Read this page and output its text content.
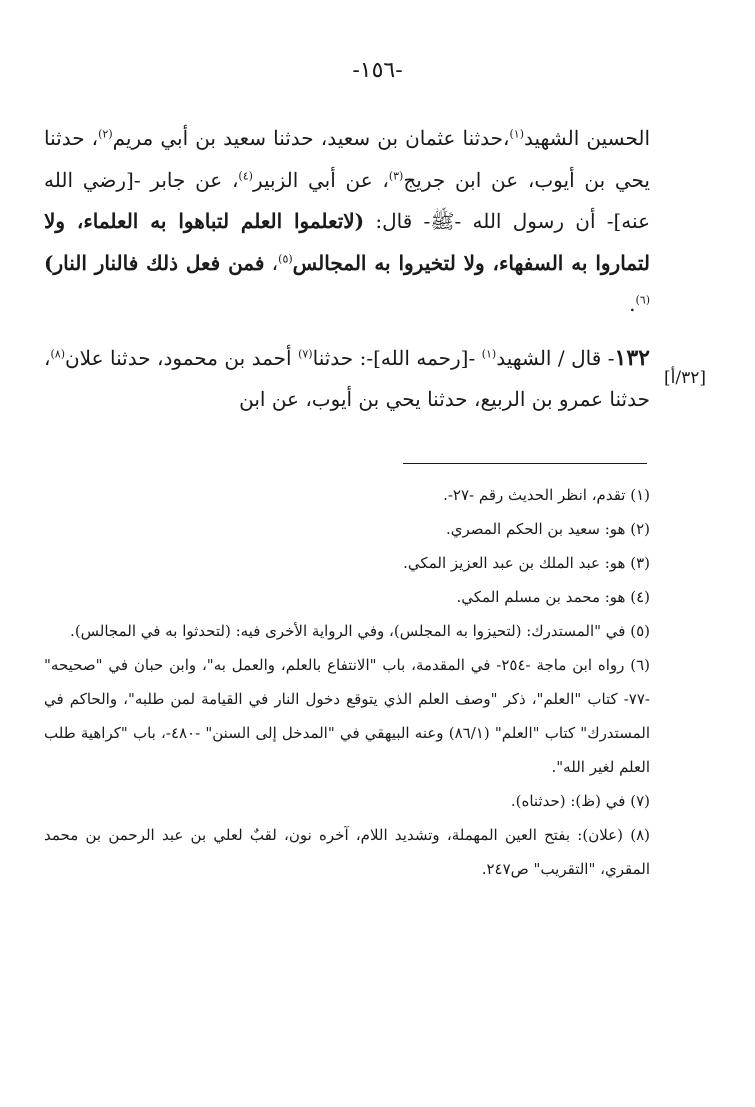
-١٥٦-

الحسين الشهيد$^{(١)}$،حدثنا عثمان بن سعيد، حدثنا سعيد بن أبي مريم$^{(٢)}$، حدثنا يحي بن أيوب، عن ابن جريج$^{(٣)}$، عن أبي الزبير$^{(٤)}$، عن جابر -[رضي الله عنه]- أن رسول الله -ﷺ- قال: (لاتعلموا العلم لتباهوا به العلماء، ولا لتماروا به السفهاء، ولا لتخيروا به المجالس$^{(٥)}$، فمن فعل ذلك فالنار النار)$^{(٦)}$.

١٣٢- قال / الشهيد$^{(١)}$ -[رحمه الله]-: حدثنا$^{(٧)}$ أحمد بن محمود، حدثنا علان$^{(٨)}$، حدثنا عمرو بن الربيع، حدثنا يحي بن أيوب، عن ابن

[٣٢/أ]

(١) تقدم، انظر الحديث رقم -٢٧-.

(٢) هو: سعيد بن الحكم المصري.

(٣) هو: عبد الملك بن عبد العزيز المكي.

(٤) هو: محمد بن مسلم المكي.

(٥) في "المستدرك: (لتحيزوا به المجلس)، وفي الرواية الأخرى فيه: (لتحدثوا به في المجالس).

(٦) رواه ابن ماجة -٢٥٤- في المقدمة، باب "الانتفاع بالعلم، والعمل به"، وابن حبان في "صحيحه" -٧٧- كتاب "العلم"، ذكر "وصف العلم الذي يتوقع دخول النار في القيامة لمن طلبه"، والحاكم في المستدرك" كتاب "العلم" (٨٦/١) وعنه البيهقي في "المدخل إلى السنن" -٤٨٠-، باب "كراهية طلب العلم لغير الله".

(٧) في (ظ): (حدثناه).

(٨) (علان): بفتح العين المهملة، وتشديد اللام، آخره نون، لقبٌ لعلي بن عبد الرحمن بن محمد المقري، "التقريب" ص٢٤٧.
